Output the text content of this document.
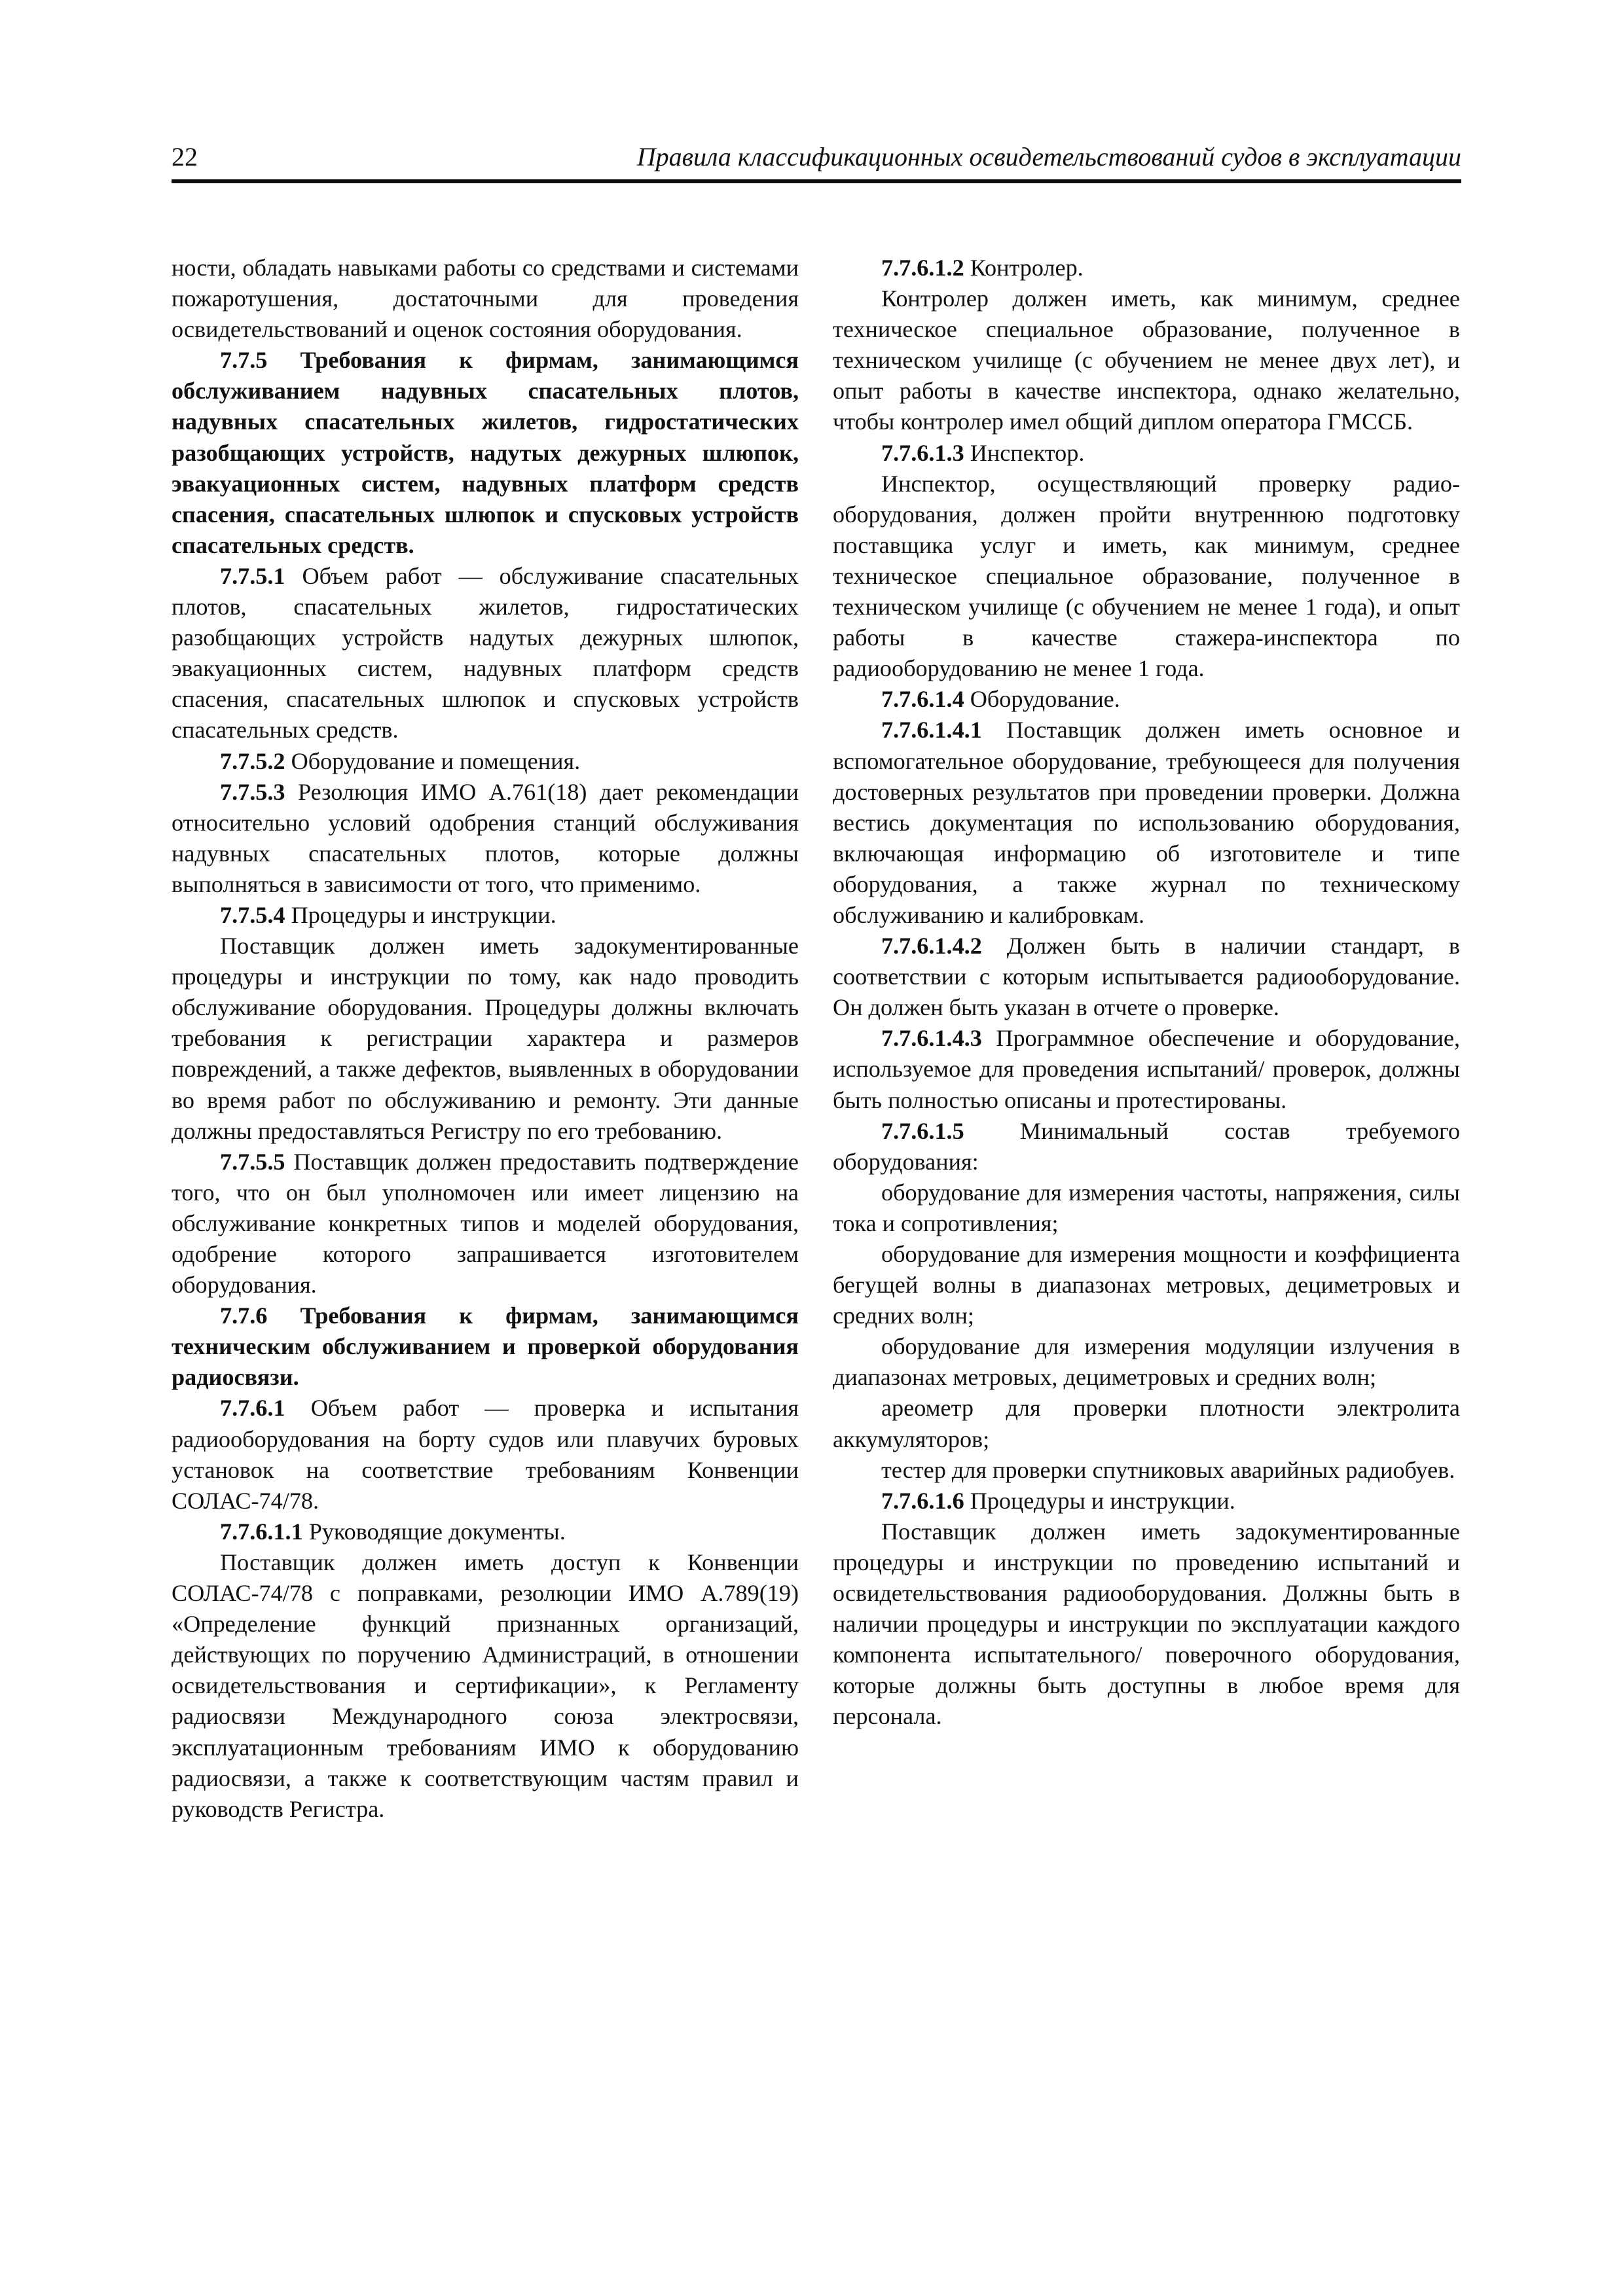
22	Правила классификационных освидетельствований судов в эксплуатации

ности, обладать навыками работы со средствами и системами пожаротушения, достаточными для проведения освидетельствований и оценок состояния оборудования.

7.7.5 Требования к фирмам, занимающимся обслуживанием надувных спасательных плотов, надувных спасательных жилетов, гидростатических разобщающих устройств, надутых дежурных шлюпок, эвакуационных систем, надувных платформ средств спасения, спасательных шлюпок и спусковых устройств спасательных средств.

7.7.5.1 Объем работ — обслуживание спасательных плотов, спасательных жилетов, гидростатических разобщающих устройств надутых дежурных шлюпок, эвакуационных систем, надувных платформ средств спасения, спасательных шлюпок и спусковых устройств спасательных средств.

7.7.5.2 Оборудование и помещения.

7.7.5.3 Резолюция ИМО А.761(18) дает рекомендации относительно условий одобрения станций обслуживания надувных спасательных плотов, которые должны выполняться в зависимости от того, что применимо.

7.7.5.4 Процедуры и инструкции.

Поставщик должен иметь задокументированные процедуры и инструкции по тому, как надо проводить обслуживание оборудования. Процедуры должны включать требования к регистрации характера и размеров повреждений, а также дефектов, выявленных в оборудовании во время работ по обслуживанию и ремонту. Эти данные должны предоставляться Регистру по его требованию.

7.7.5.5 Поставщик должен предоставить подтверждение того, что он был уполномочен или имеет лицензию на обслуживание конкретных типов и моделей оборудования, одобрение которого запрашивается изготовителем оборудования.

7.7.6 Требования к фирмам, занимающимся техническим обслуживанием и проверкой оборудования радиосвязи.

7.7.6.1 Объем работ — проверка и испытания радиооборудования на борту судов или плавучих буровых установок на соответствие требованиям Конвенции СОЛАС-74/78.

7.7.6.1.1 Руководящие документы.

Поставщик должен иметь доступ к Конвенции СОЛАС-74/78 с поправками, резолюции ИМО А.789(19) «Определение функций признанных организаций, действующих по поручению Администраций, в отношении освидетельствования и сертификации», к Регламенту радиосвязи Международного союза электросвязи, эксплуатационным требованиям ИМО к оборудованию радиосвязи, а также к соответствующим частям правил и руководств Регистра.

7.7.6.1.2 Контролер.

Контролер должен иметь, как минимум, среднее техническое специальное образование, полученное в техническом училище (с обучением не менее двух лет), и опыт работы в качестве инспектора, однако желательно, чтобы контролер имел общий диплом оператора ГМССБ.

7.7.6.1.3 Инспектор.

Инспектор, осуществляющий проверку радиооборудования, должен пройти внутреннюю подготовку поставщика услуг и иметь, как минимум, среднее техническое специальное образование, полученное в техническом училище (с обучением не менее 1 года), и опыт работы в качестве стажера-инспектора по радиооборудованию не менее 1 года.

7.7.6.1.4 Оборудование.

7.7.6.1.4.1 Поставщик должен иметь основное и вспомогательное оборудование, требующееся для получения достоверных результатов при проведении проверки. Должна вестись документация по использованию оборудования, включающая информацию об изготовителе и типе оборудования, а также журнал по техническому обслуживанию и калибровкам.

7.7.6.1.4.2 Должен быть в наличии стандарт, в соответствии с которым испытывается радиооборудование. Он должен быть указан в отчете о проверке.

7.7.6.1.4.3 Программное обеспечение и оборудование, используемое для проведения испытаний/ проверок, должны быть полностью описаны и протестированы.

7.7.6.1.5 Минимальный состав требуемого оборудования:

оборудование для измерения частоты, напряжения, силы тока и сопротивления;

оборудование для измерения мощности и коэффициента бегущей волны в диапазонах метровых, дециметровых и средних волн;

оборудование для измерения модуляции излучения в диапазонах метровых, дециметровых и средних волн;

ареометр для проверки плотности электролита аккумуляторов;

тестер для проверки спутниковых аварийных радиобуев.

7.7.6.1.6 Процедуры и инструкции.

Поставщик должен иметь задокументированные процедуры и инструкции по проведению испытаний и освидетельствования радиооборудования. Должны быть в наличии процедуры и инструкции по эксплуатации каждого компонента испытательного/ поверочного оборудования, которые должны быть доступны в любое время для персонала.
